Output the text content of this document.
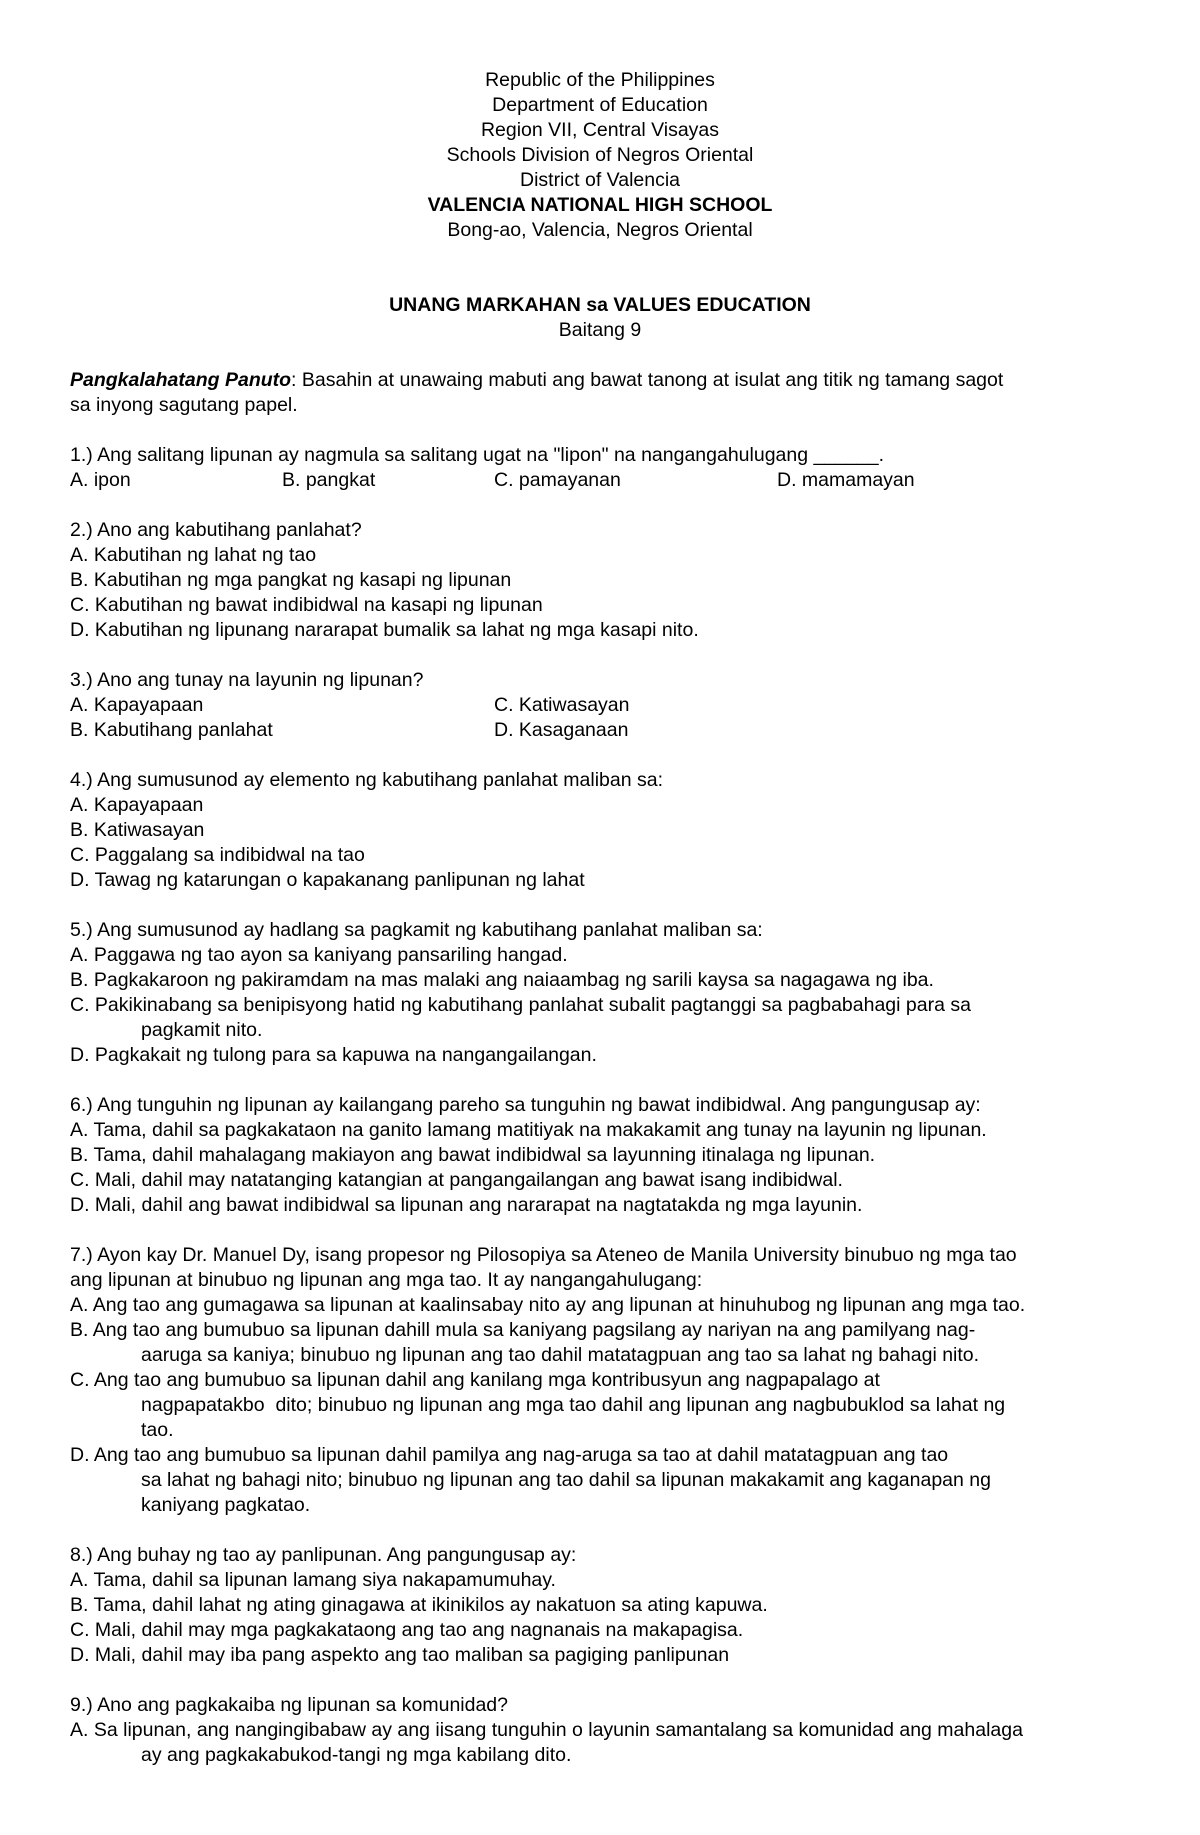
Republic of the Philippines
Department of Education
Region VII, Central Visayas
Schools Division of Negros Oriental
District of Valencia
VALENCIA NATIONAL HIGH SCHOOL
Bong-ao, Valencia, Negros Oriental
UNANG MARKAHAN sa VALUES EDUCATION
Baitang 9
Pangkalahatang Panuto: Basahin at unawaing mabuti ang bawat tanong at isulat ang titik ng tamang sagot
sa inyong sagutang papel.
1.) Ang salitang lipunan ay nagmula sa salitang ugat na "lipon" na nangangahulugang ______.
A. ipon	B. pangkat	C. pamayanan	D. mamamayan
2.) Ano ang kabutihang panlahat?
A. Kabutihan ng lahat ng tao
B. Kabutihan ng mga pangkat ng kasapi ng lipunan
C. Kabutihan ng bawat indibidwal na kasapi ng lipunan
D. Kabutihan ng lipunang nararapat bumalik sa lahat ng mga kasapi nito.
3.) Ano ang tunay na layunin ng lipunan?
A. Kapayapaan	C. Katiwasayan
B. Kabutihang panlahat	D. Kasaganaan
4.) Ang sumusunod ay elemento ng kabutihang panlahat maliban sa:
A. Kapayapaan
B. Katiwasayan
C. Paggalang sa indibidwal na tao
D. Tawag ng katarungan o kapakanang panlipunan ng lahat
5.) Ang sumusunod ay hadlang sa pagkamit ng kabutihang panlahat maliban sa:
A. Paggawa ng tao ayon sa kaniyang pansariling hangad.
B. Pagkakaroon ng pakiramdam na mas malaki ang naiaambag ng sarili kaysa sa nagagawa ng iba.
C. Pakikinabang sa benipisyong hatid ng kabutihang panlahat subalit pagtanggi sa pagbabahagi para sa
pagkamit nito.
D. Pagkakait ng tulong para sa kapuwa na nangangailangan.
6.) Ang tunguhin ng lipunan ay kailangang pareho sa tunguhin ng bawat indibidwal. Ang pangungusap ay:
A. Tama, dahil sa pagkakataon na ganito lamang matitiyak na makakamit ang tunay na layunin ng lipunan.
B. Tama, dahil mahalagang makiayon ang bawat indibidwal sa layunning itinalaga ng lipunan.
C. Mali, dahil may natatanging katangian at pangangailangan ang bawat isang indibidwal.
D. Mali, dahil ang bawat indibidwal sa lipunan ang nararapat na nagtatakda ng mga layunin.
7.) Ayon kay Dr. Manuel Dy, isang propesor ng Pilosopiya sa Ateneo de Manila University binubuo ng mga tao
ang lipunan at binubuo ng lipunan ang mga tao. It ay nangangahulugang:
A. Ang tao ang gumagawa sa lipunan at kaalinsabay nito ay ang lipunan at hinuhubog ng lipunan ang mga tao.
B. Ang tao ang bumubuo sa lipunan dahill mula sa kaniyang pagsilang ay nariyan na ang pamilyang nag-
aaruga sa kaniya; binubuo ng lipunan ang tao dahil matatagpuan ang tao sa lahat ng bahagi nito.
C. Ang tao ang bumubuo sa lipunan dahil ang kanilang mga kontribusyun ang nagpapalago at
nagpapatakbo  dito; binubuo ng lipunan ang mga tao dahil ang lipunan ang nagbubuklod sa lahat ng
tao.
D. Ang tao ang bumubuo sa lipunan dahil pamilya ang nag-aruga sa tao at dahil matatagpuan ang tao
sa lahat ng bahagi nito; binubuo ng lipunan ang tao dahil sa lipunan makakamit ang kaganapan ng
kaniyang pagkatao.
8.) Ang buhay ng tao ay panlipunan. Ang pangungusap ay:
A. Tama, dahil sa lipunan lamang siya nakapamumuhay.
B. Tama, dahil lahat ng ating ginagawa at ikinikilos ay nakatuon sa ating kapuwa.
C. Mali, dahil may mga pagkakataong ang tao ang nagnanais na makapagisa.
D. Mali, dahil may iba pang aspekto ang tao maliban sa pagiging panlipunan
9.) Ano ang pagkakaiba ng lipunan sa komunidad?
A. Sa lipunan, ang nangingibabaw ay ang iisang tunguhin o layunin samantalang sa komunidad ang mahalaga
ay ang pagkakabukod-tangi ng mga kabilang dito.
